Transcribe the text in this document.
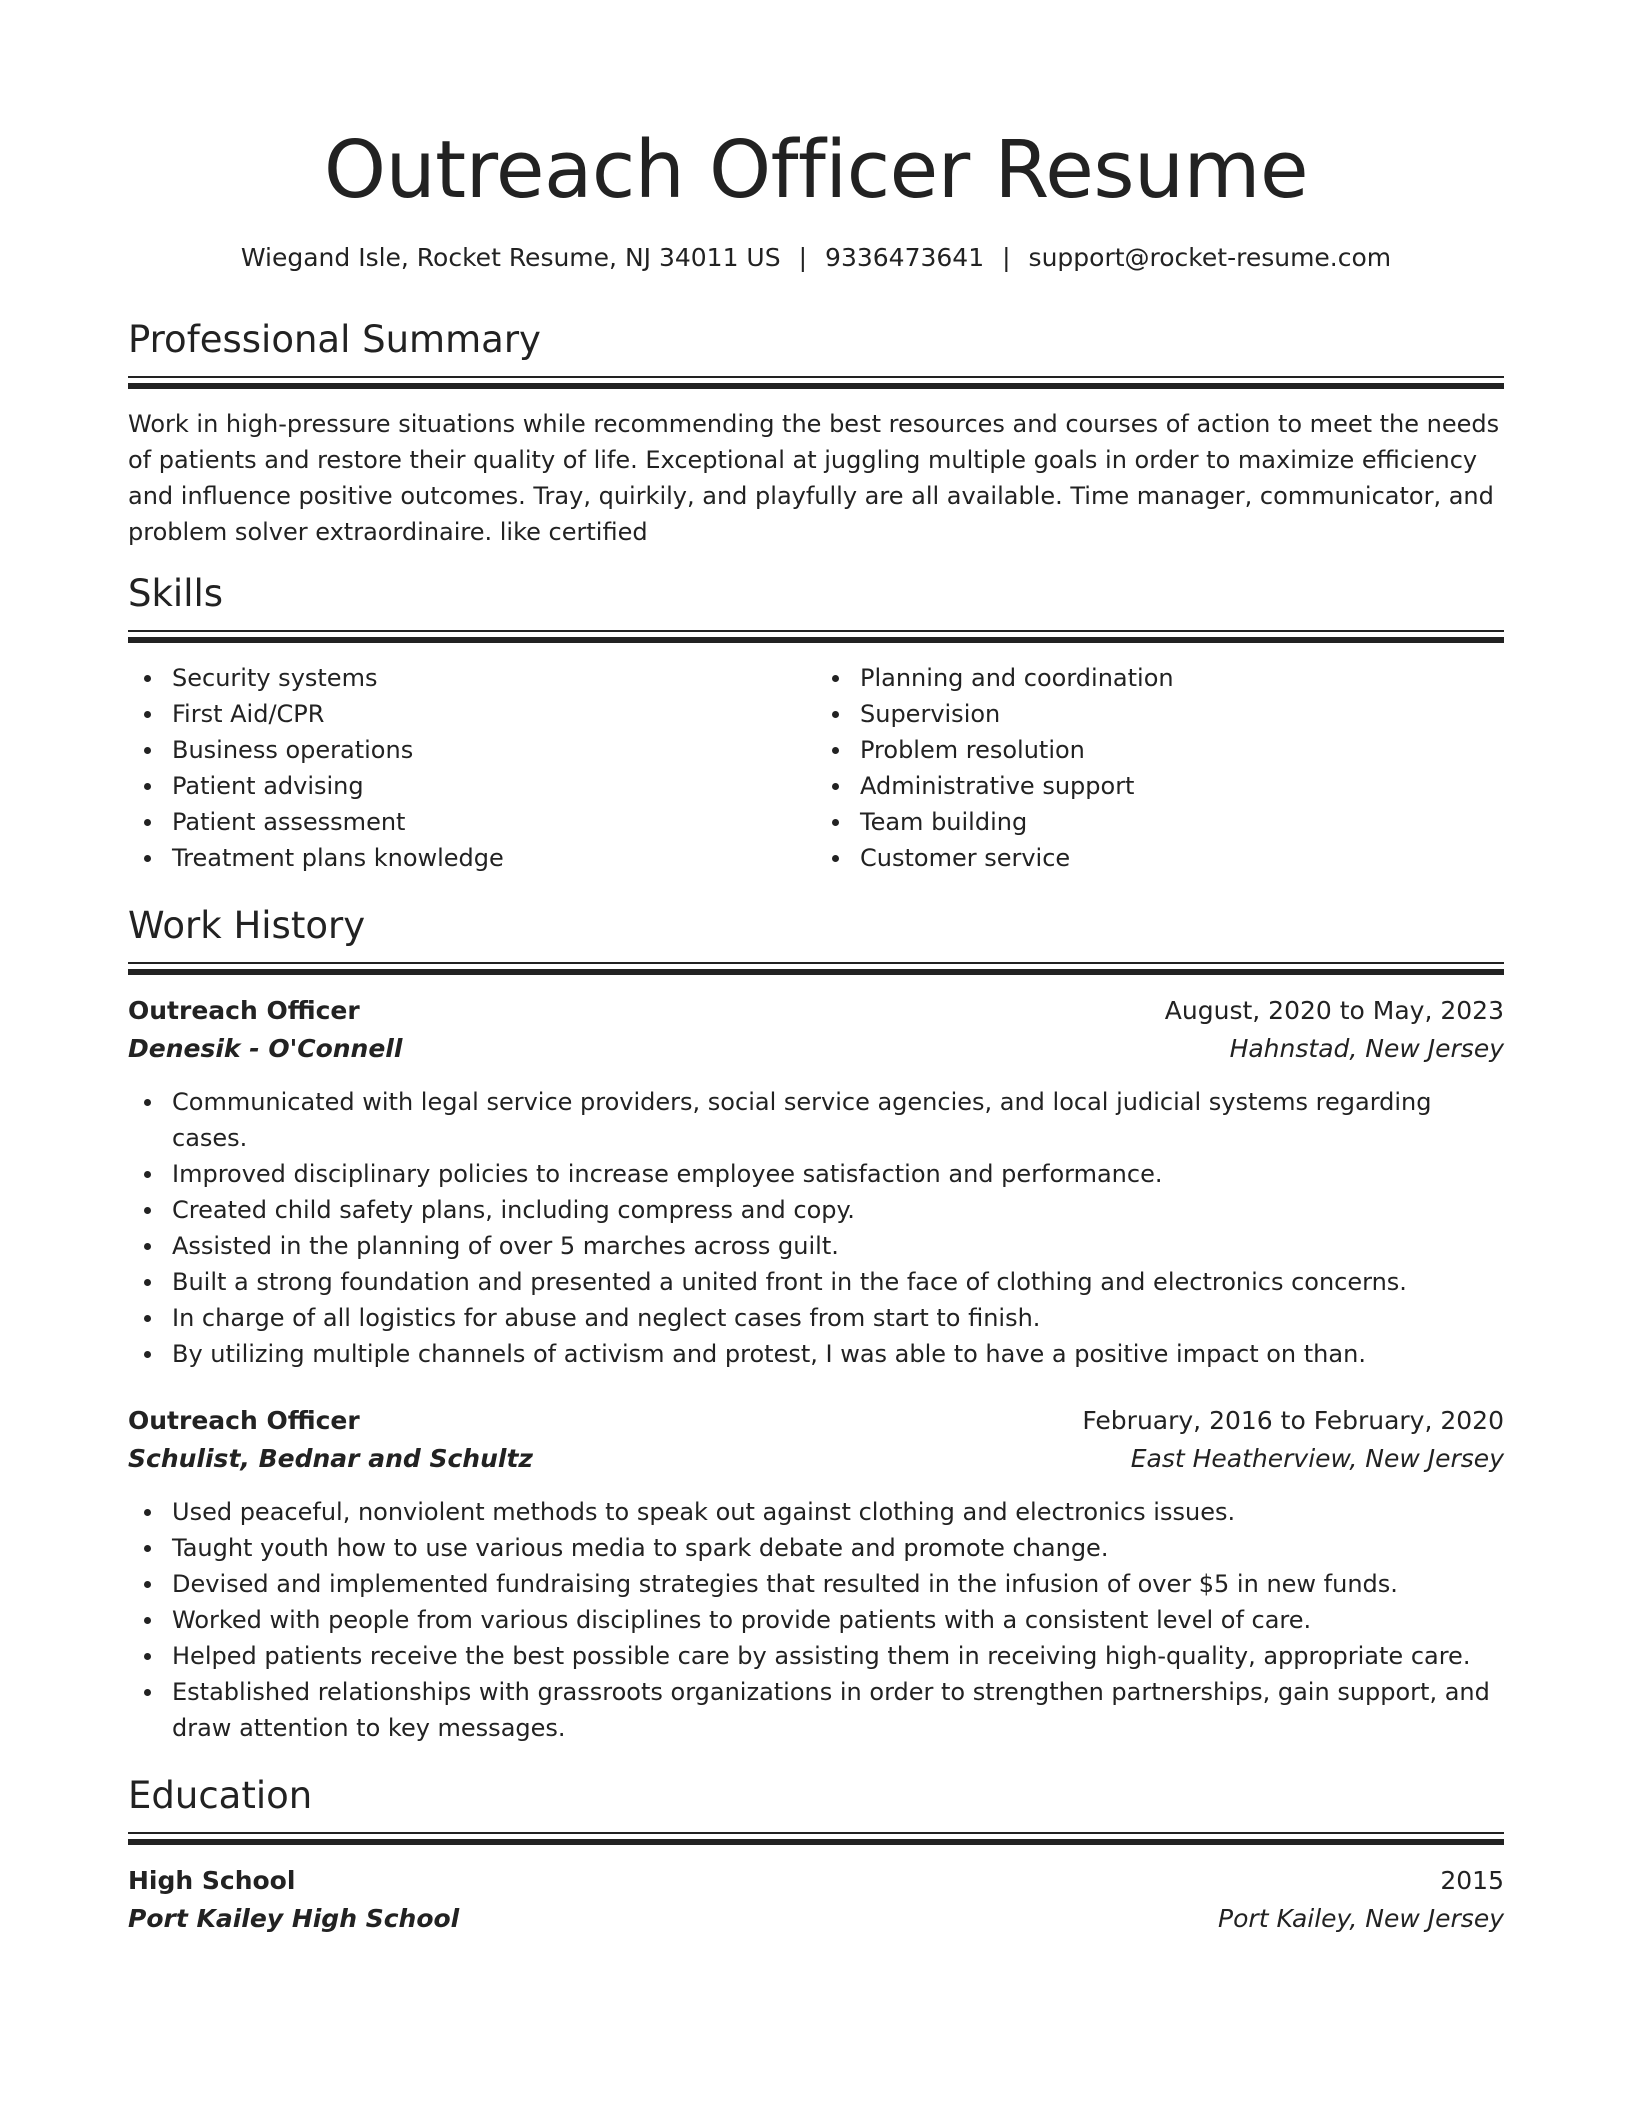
Outreach Officer Resume
Wiegand Isle, Rocket Resume, NJ 34011 US | 9336473641 | support@rocket-resume.com
Professional Summary

Work in high-pressure situations while recommending the best resources and courses of action to meet the needs of patients and restore their quality of life. Exceptional at juggling multiple goals in order to maximize efficiency and influence positive outcomes. Tray, quirkily, and playfully are all available. Time manager, communicator, and problem solver extraordinaire. like certified

Skills
Security systems
First Aid/CPR
Business operations
Patient advising
Patient assessment
Treatment plans knowledge
Planning and coordination
Supervision
Problem resolution
Administrative support
Team building
Customer service
Work History
Outreach Officer	August, 2020 to May, 2023
Denesik - O'Connell	Hahnstad, New Jersey
Communicated with legal service providers, social service agencies, and local judicial systems regarding cases.
Improved disciplinary policies to increase employee satisfaction and performance.
Created child safety plans, including compress and copy.
Assisted in the planning of over 5 marches across guilt.
Built a strong foundation and presented a united front in the face of clothing and electronics concerns.
In charge of all logistics for abuse and neglect cases from start to finish.
By utilizing multiple channels of activism and protest, I was able to have a positive impact on than.
Outreach Officer	February, 2016 to February, 2020
Schulist, Bednar and Schultz	East Heatherview, New Jersey
Used peaceful, nonviolent methods to speak out against clothing and electronics issues.
Taught youth how to use various media to spark debate and promote change.
Devised and implemented fundraising strategies that resulted in the infusion of over $5 in new funds.
Worked with people from various disciplines to provide patients with a consistent level of care.
Helped patients receive the best possible care by assisting them in receiving high-quality, appropriate care.
Established relationships with grassroots organizations in order to strengthen partnerships, gain support, and draw attention to key messages.
Education
High School	2015
Port Kailey High School	Port Kailey, New Jersey
